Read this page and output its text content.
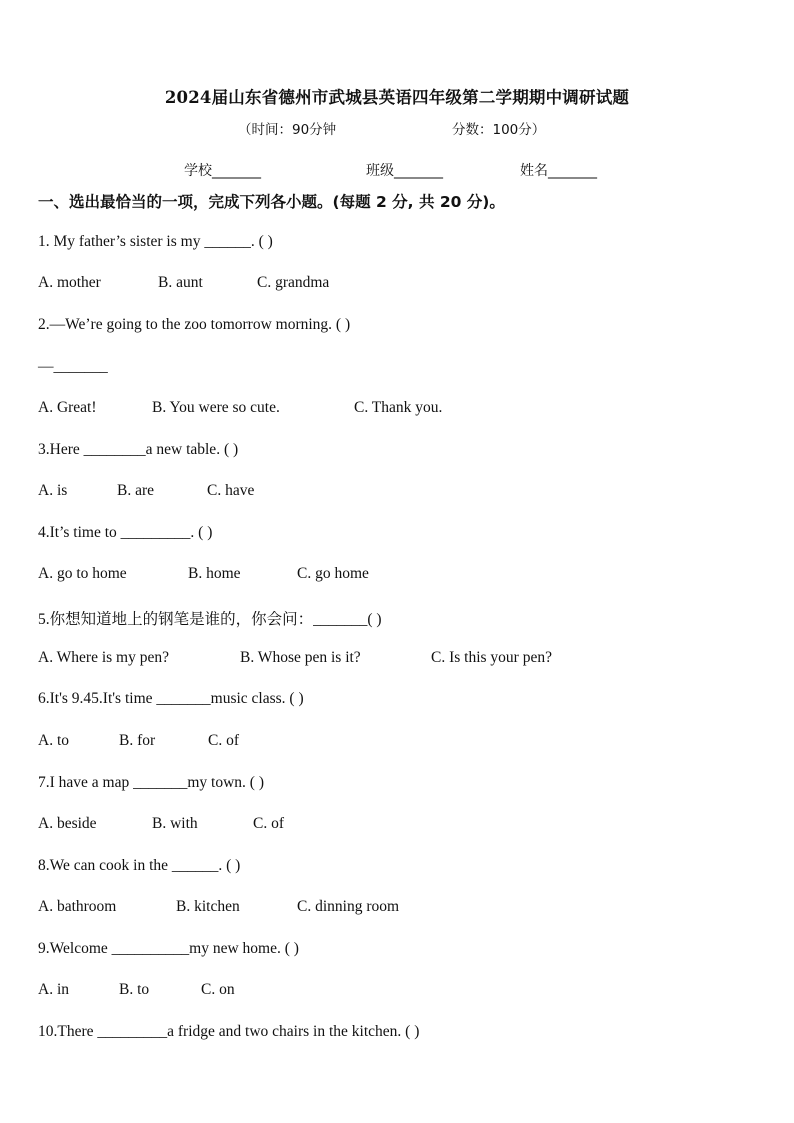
2024届山东省德州市武城县英语四年级第二学期期中调研试题
（时间：90分钟	分数：100分）
学校_______	班级_______	姓名_______
一、选出最恰当的一项，完成下列各小题。(每题 2 分, 共 20 分)。
1. My father’s sister is my ______. ( )
A. mother	B. aunt	C. grandma
2.—We’re going to the zoo tomorrow morning. ( )
—_______
A. Great!	B. You were so cute.	C. Thank you.
3.Here ________a new table. ( )
A. is	B. are	C. have
4.It’s time to _________. ( )
A. go to home	B. home	C. go home
5.你想知道地上的钢笔是谁的，你会问：_______( )
A. Where is my pen?	B. Whose pen is it?	C. Is this your pen?
6.It's 9.45.It's time _______music class. ( )
A. to	B. for	C. of
7.I have a map _______my town. ( )
A. beside	B. with	C. of
8.We can cook in the ______. ( )
A. bathroom	B. kitchen	C. dinning room
9.Welcome __________my new home. ( )
A. in	B. to	C. on
10.There _________a fridge and two chairs in the kitchen. ( )
